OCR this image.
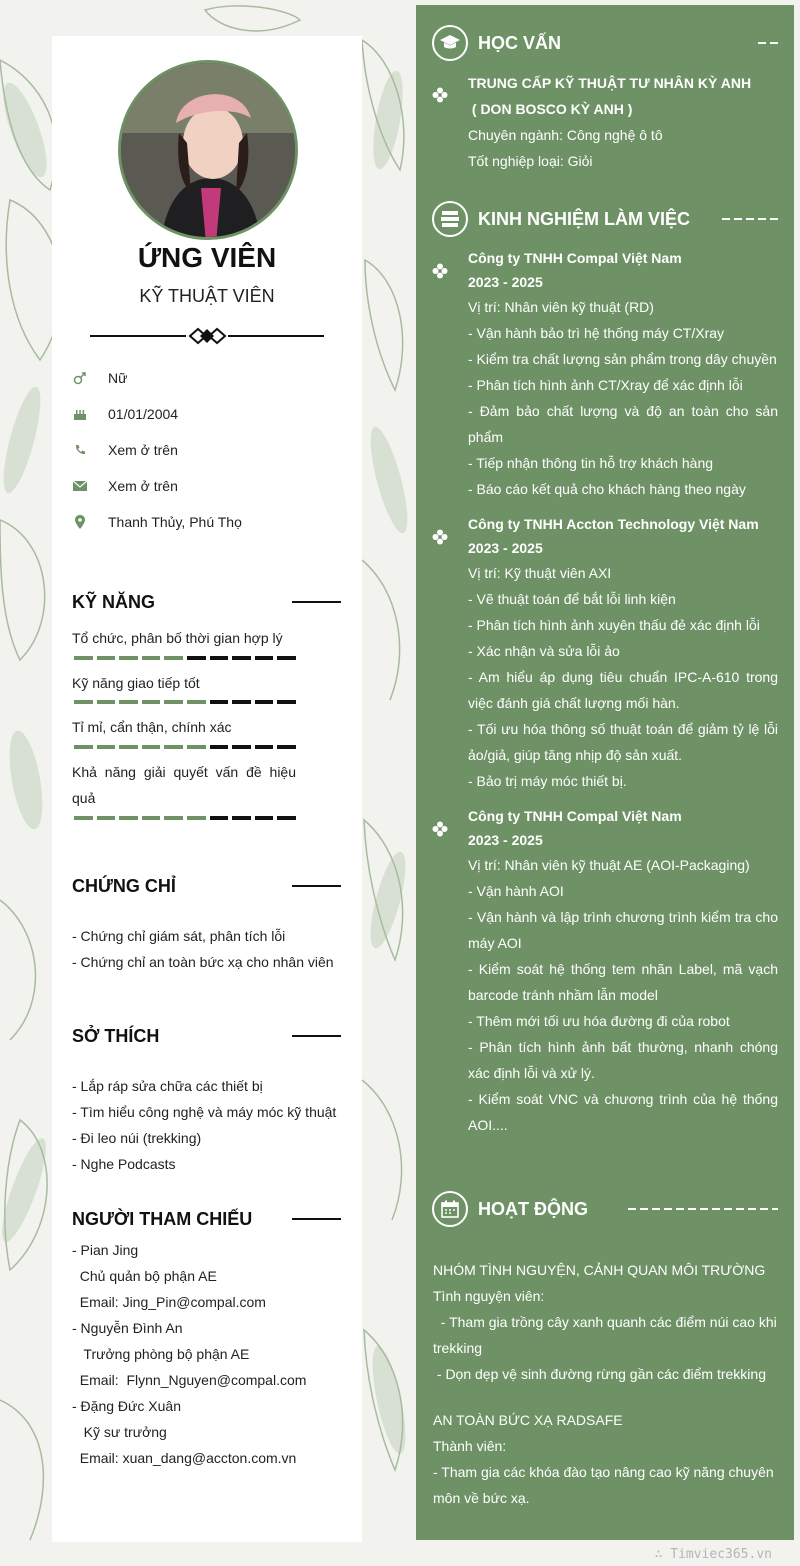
ỨNG VIÊN
KỸ THUẬT VIÊN
Nữ
01/01/2004
Xem ở trên
Xem ở trên
Thanh Thủy, Phú Thọ
KỸ NĂNG
Tổ chức, phân bố thời gian hợp lý
Kỹ năng giao tiếp tốt
Tỉ mỉ, cẩn thận, chính xác
Khả năng giải quyết vấn đề hiệu quả
CHỨNG CHỈ
- Chứng chỉ giám sát, phân tích lỗi
- Chứng chỉ an toàn bức xạ cho nhân viên
SỞ THÍCH
- Lắp ráp sửa chữa các thiết bị
- Tìm hiểu công nghệ và máy móc kỹ thuật
- Đi leo núi (trekking)
- Nghe Podcasts
NGƯỜI THAM CHIẾU
- Pian Jing
Chủ quản bộ phận AE
Email: Jing_Pin@compal.com
- Nguyễn Đình An
Trưởng phòng bộ phận AE
Email:  Flynn_Nguyen@compal.com
- Đặng Đức Xuân
Kỹ sư trưởng
Email: xuan_dang@accton.com.vn
HỌC VẤN
TRUNG CẤP KỸ THUẬT TƯ NHÂN KỲ ANH
( DON BOSCO KỲ ANH )
Chuyên ngành: Công nghệ ô tô
Tốt nghiệp loại: Giỏi
KINH NGHIỆM LÀM VIỆC
Công ty TNHH Compal Việt Nam
2023 - 2025
Vị trí: Nhân viên kỹ thuật (RD)
- Vận hành bảo trì hệ thống máy CT/Xray
- Kiểm tra chất lượng sản phẩm trong dây chuyền
- Phân tích hình ảnh CT/Xray để xác định lỗi
- Đảm bảo chất lượng và độ an toàn cho sản phẩm
- Tiếp nhận thông tin hỗ trợ khách hàng
- Báo cáo kết quả cho khách hàng theo ngày
Công ty TNHH Accton Technology Việt Nam
2023 - 2025
Vị trí: Kỹ thuật viên AXI
- Vẽ thuật toán để bắt lỗi linh kiện
- Phân tích hình ảnh xuyên thấu đẻ xác định lỗi
- Xác nhận và sửa lỗi ảo
- Am hiểu áp dụng tiêu chuẩn IPC-A-610 trong việc đánh giá chất lượng mối hàn.
- Tối ưu hóa thông số thuật toán để giảm tỷ lệ lỗi ảo/giả, giúp tăng nhịp độ sản xuất.
- Bảo trị máy móc thiết bị.
Công ty TNHH Compal Việt Nam
2023 - 2025
Vị trí: Nhân viên kỹ thuật AE (AOI-Packaging)
- Vận hành AOI
- Vận hành và lập trình chương trình kiểm tra cho máy AOI
- Kiểm soát hệ thống tem nhãn Label, mã vạch barcode tránh nhầm lẫn model
- Thêm mới tối ưu hóa đường đi của robot
- Phân tích hình ảnh bất thường, nhanh chóng xác định lỗi và xử lý.
- Kiểm soát VNC và chương trình của hệ thống AOI....
HOẠT ĐỘNG
NHÓM TÌNH NGUYỆN, CẢNH QUAN MÔI TRƯỜNG
Tình nguyện viên:
- Tham gia trồng cây xanh quanh các điểm núi cao khi trekking
- Dọn dẹp vệ sinh đường rừng gần các điểm trekking
AN TOÀN BỨC XẠ RADSAFE
Thành viên:
- Tham gia các khóa đào tạo nâng cao kỹ năng chuyên môn về bức xạ.
∴ Timviec365.vn
